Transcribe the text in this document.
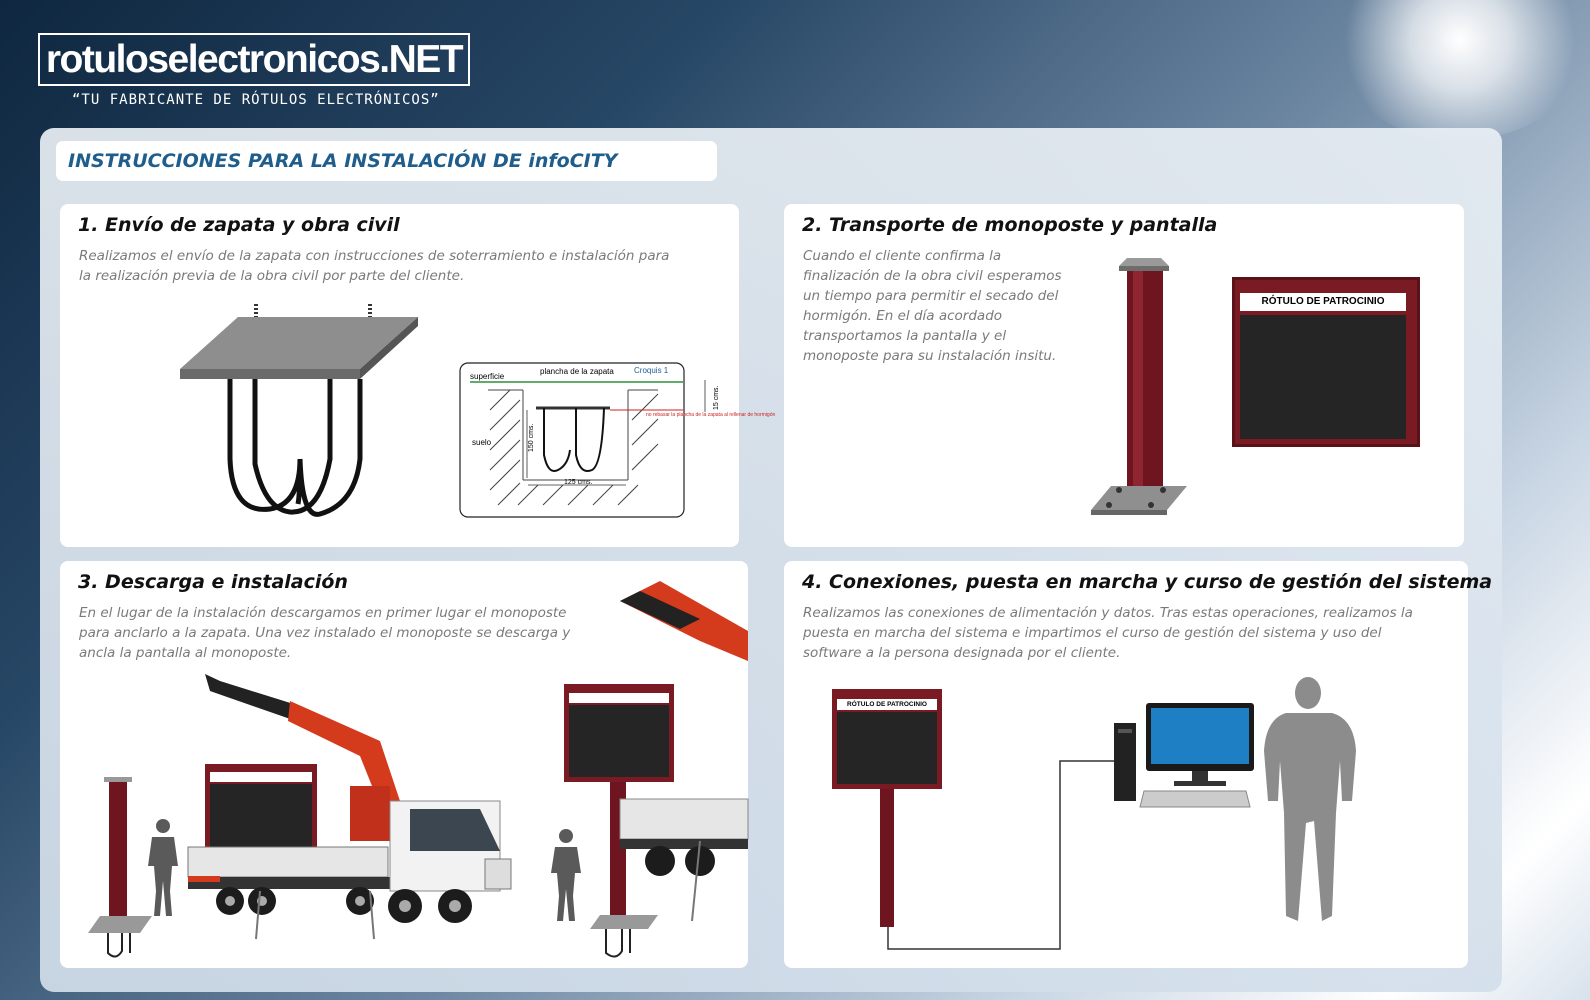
rotuloselectronicos.NET
“TU FABRICANTE DE RÓTULOS ELECTRÓNICOS”
INSTRUCCIONES PARA LA INSTALACIÓN DE infoCITY
1. Envío de zapata y obra civil

Realizamos el envío de la zapata con instrucciones de soterramiento e instalación para la realización previa de la obra civil por parte del cliente.

superficie
plancha de la zapata	Croquis 1
suelo
125 cms.
150 cms.
no rebasar la plancha de la zapata al rellenar de hormigón
15 cms.
2. Transporte de monoposte y pantalla

Cuando el cliente confirma la finalización de la obra civil esperamos un tiempo para permitir el secado del hormigón. En el día acordado transportamos la pantalla y el monoposte para su instalación insitu.

RÓTULO DE PATROCINIO
3. Descarga e instalación

En el lugar de la instalación descargamos en primer lugar el monoposte para anclarlo a la zapata. Una vez instalado el monoposte se descarga y ancla la pantalla al monoposte.

4. Conexiones, puesta en marcha y curso de gestión del sistema

Realizamos las conexiones de alimentación y datos. Tras estas operaciones, realizamos la puesta en marcha del sistema e impartimos el curso de gestión del sistema y uso del software a la persona designada por el cliente.

RÓTULO DE PATROCINIO
